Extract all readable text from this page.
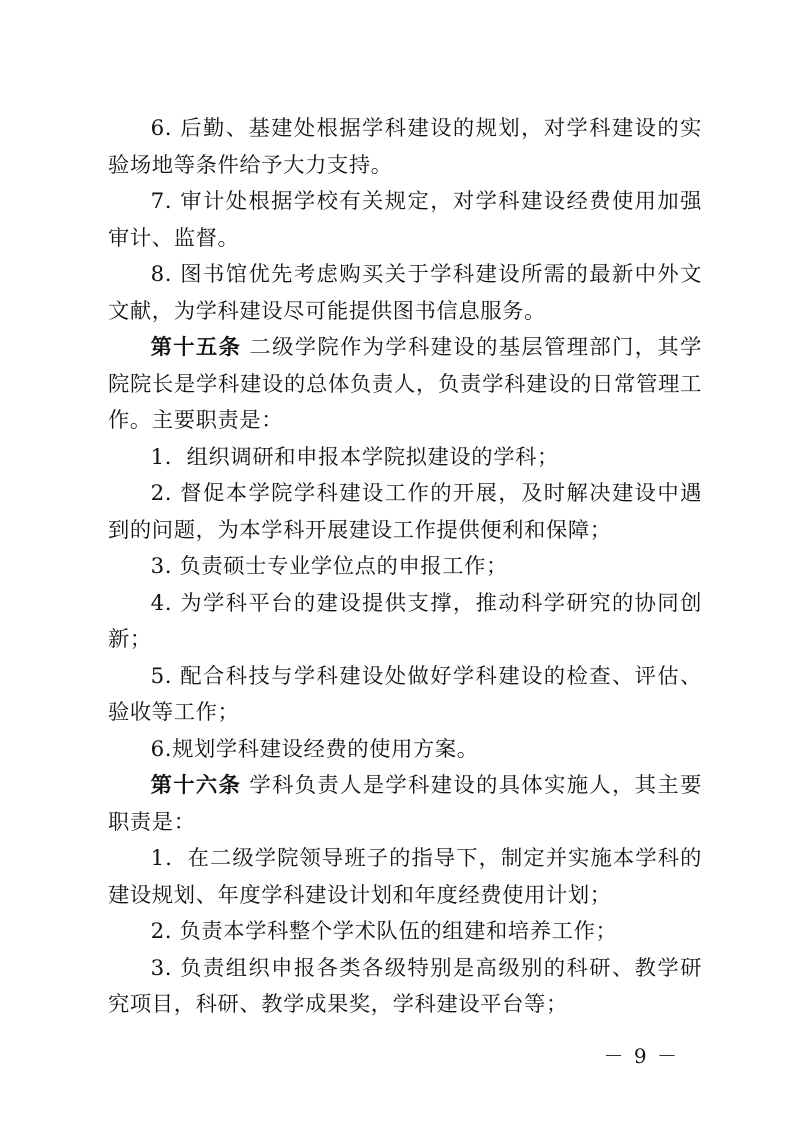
6. 后勤、基建处根据学科建设的规划，对学科建设的实验场地等条件给予大力支持。

7. 审计处根据学校有关规定，对学科建设经费使用加强审计、监督。

8. 图书馆优先考虑购买关于学科建设所需的最新中外文文献，为学科建设尽可能提供图书信息服务。

第十五条 二级学院作为学科建设的基层管理部门，其学院院长是学科建设的总体负责人，负责学科建设的日常管理工作。主要职责是：

1．组织调研和申报本学院拟建设的学科；

2. 督促本学院学科建设工作的开展，及时解决建设中遇到的问题，为本学科开展建设工作提供便利和保障；

3. 负责硕士专业学位点的申报工作；

4. 为学科平台的建设提供支撑，推动科学研究的协同创新；

5. 配合科技与学科建设处做好学科建设的检查、评估、验收等工作；

6.规划学科建设经费的使用方案。

第十六条 学科负责人是学科建设的具体实施人，其主要职责是：

1．在二级学院领导班子的指导下，制定并实施本学科的建设规划、年度学科建设计划和年度经费使用计划；

2. 负责本学科整个学术队伍的组建和培养工作；

3. 负责组织申报各类各级特别是高级别的科研、教学研究项目，科研、教学成果奖，学科建设平台等；

－ 9 －
